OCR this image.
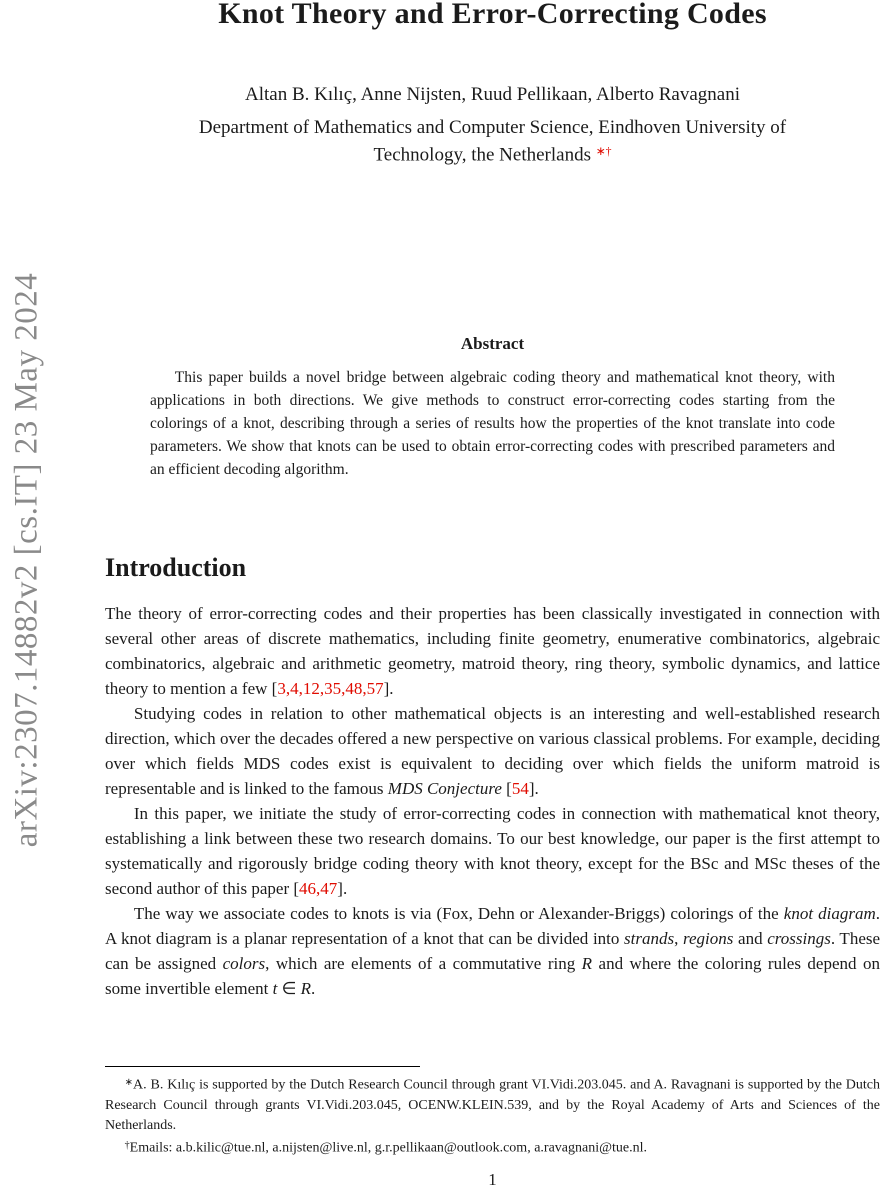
arXiv:2307.14882v2 [cs.IT] 23 May 2024
Knot Theory and Error-Correcting Codes
Altan B. Kılıç, Anne Nijsten, Ruud Pellikaan, Alberto Ravagnani
Department of Mathematics and Computer Science, Eindhoven University of
Technology, the Netherlands ∗†
Abstract
This paper builds a novel bridge between algebraic coding theory and mathematical knot theory, with applications in both directions. We give methods to construct error-correcting codes starting from the colorings of a knot, describing through a series of results how the properties of the knot translate into code parameters. We show that knots can be used to obtain error-correcting codes with prescribed parameters and an efficient decoding algorithm.
Introduction

The theory of error-correcting codes and their properties has been classically investigated in connection with several other areas of discrete mathematics, including finite geometry, enumerative combinatorics, algebraic combinatorics, algebraic and arithmetic geometry, matroid theory, ring theory, symbolic dynamics, and lattice theory to mention a few [3,4,12,35,48,57].

Studying codes in relation to other mathematical objects is an interesting and well-established research direction, which over the decades offered a new perspective on various classical problems. For example, deciding over which fields MDS codes exist is equivalent to deciding over which fields the uniform matroid is representable and is linked to the famous MDS Conjecture [54].

In this paper, we initiate the study of error-correcting codes in connection with mathematical knot theory, establishing a link between these two research domains. To our best knowledge, our paper is the first attempt to systematically and rigorously bridge coding theory with knot theory, except for the BSc and MSc theses of the second author of this paper [46,47].

The way we associate codes to knots is via (Fox, Dehn or Alexander-Briggs) colorings of the knot diagram. A knot diagram is a planar representation of a knot that can be divided into strands, regions and crossings. These can be assigned colors, which are elements of a commutative ring R and where the coloring rules depend on some invertible element t ∈ R.

∗A. B. Kılıç is supported by the Dutch Research Council through grant VI.Vidi.203.045. and A. Ravagnani is supported by the Dutch Research Council through grants VI.Vidi.203.045, OCENW.KLEIN.539, and by the Royal Academy of Arts and Sciences of the Netherlands.

†Emails: a.b.kilic@tue.nl, a.nijsten@live.nl, g.r.pellikaan@outlook.com, a.ravagnani@tue.nl.

1
